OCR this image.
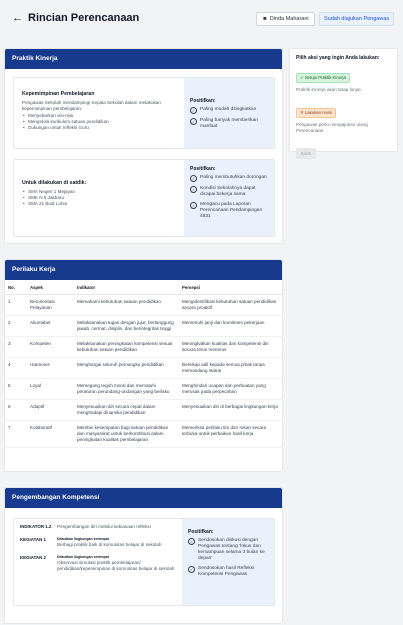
← Rincian Perencanaan	☻ Dinda Maharani	Sudah diajukan Pengawas
Praktik Kinerja
Kepemimpinan Pembelajaran
Pengawas Sekolah mendampingi Kepala Sekolah dalam melakukan kepemimpinan pembelajaran:
• Menyebarkan visi-misi
• Mengelola kurikulum satuan pendidikan
• Dukungan untuk refleksi Guru
Positifkan:
✓	Paling mudah ditingkatkan
✓	Paling banyak memberikan manfaat
Untuk dilakukan di satdik:
• SMA Negeri 1 Mejayan
• SMK N 5 Jakbaru
• SMA 21 Budi Luhur
Positifkan:
✓	Paling membutuhkan dorongan
✓	Kondisi Sekolahnya dapat dicapai bekerja sama
✓	Mengacu pada Laporan Perencanaan Pendampingan 4831
Pilih aksi yang ingin Anda lakukan:
✓ Setuju Praktik Kinerja
Praktik Kinerja akan tetap lanjut.
✕ Lakukan revisi
Pengawas perlu mengajukan ulang Perencanaan.
Kirim
Perilaku Kerja
No.	Aspek	Indikator	Persepsi
1	Berorientasi Pelayanan	Memahami kebutuhan satuan pendidikan	Mengidentifikasi kebutuhan satuan pendidikan secara proaktif
2	Akuntabel	Melaksanakan tugas dengan jujur, bertanggung jawab, cermat, disiplin, dan berintegritas tinggi	Memenuhi janji dan komitmen pekerjaan
3	Kompeten	Melaksanakan peningkatan kompetensi sesuai kebutuhan satuan pendidikan	Meningkatkan kualitas dan kompetensi diri secara terus menerus
4	Harmonis	Menghargai seluruh pemangku pendidikan	Bersikap adil kepada semua pihak tanpa memandang status
5	Loyal	Memegang teguh moral dan mematuhi peraturan perundang-undangan yang berlaku	Menghindari ucapan dan perbuatan yang merusak pada perpecahan
6	Adaptif	Menyesuaikan diri secara cepat dalam menghadapi dinamika pendidikan	Menyesuaikan diri di berbagai lingkungan kerja
7	Kolaboratif	Membei kesempatan bagi satuan pendidikan dan masyarakat untuk berkontribusi dalam peningkatan kualitas pembelajaran	Memeriksa perilaku tim dan rekan secara terbuka untuk perbaikan hasil kerja
Pengembangan Kompetensi
INDIKATOR 1.2	Pengembangan diri melalui kebiasaan refleksi
KEGIATAN 1	Ditautkan lingkungan setempat
Berbagi praktik baik di komunitas belajar di sekolah
KEGIATAN 2	Ditautkan lingkungan setempat
Observasi simulasi praktik pembelajaran/ pendidikan/kepemimpinan di komunitas belajar di sekolah
Positifkan:
✓	Sendosokan diskusi dengan Pengawas tentang 'fokus dan kemampuan selama 3 bulan ke depan'
✓	Sendosokan hasil Refleksi Kompetensi Pengawas
